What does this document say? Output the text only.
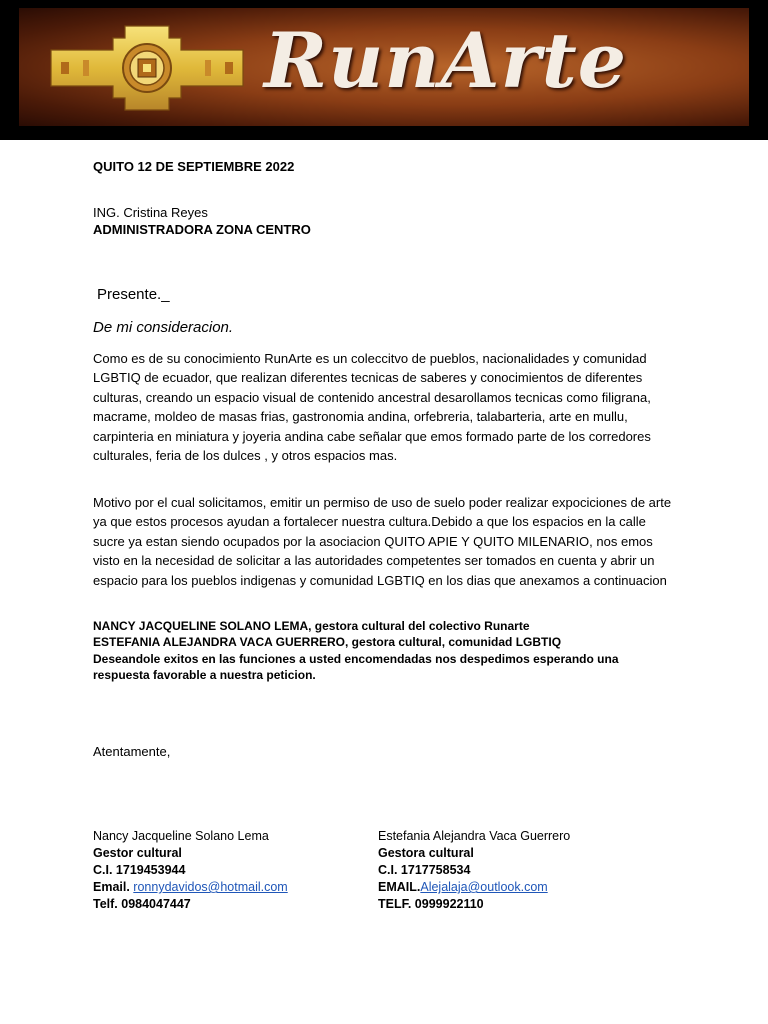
RunArte
QUITO 12 DE SEPTIEMBRE 2022
ING. Cristina Reyes
ADMINISTRADORA ZONA CENTRO
Presente._
De mi consideracion.
Como es de su conocimiento RunArte es un coleccitvo de pueblos, nacionalidades y comunidad LGBTIQ de ecuador, que realizan diferentes tecnicas de saberes y conocimientos de diferentes culturas, creando un espacio visual de contenido ancestral desarollamos tecnicas como filigrana, macrame, moldeo de masas frias, gastronomia andina, orfebreria, talabarteria, arte en mullu, carpinteria en miniatura y joyeria andina cabe señalar que emos formado parte de los corredores culturales, feria de los dulces , y otros espacios mas.
Motivo por el cual solicitamos, emitir un permiso de uso de suelo poder realizar expociciones de arte ya que estos procesos ayudan a fortalecer nuestra cultura.Debido a que los espacios en la calle sucre ya estan siendo ocupados por la asociacion QUITO APIE Y QUITO MILENARIO, nos emos visto en la necesidad de solicitar a las autoridades competentes ser tomados en cuenta y abrir un espacio para los pueblos indigenas y comunidad LGBTIQ en los dias que anexamos a continuacion
NANCY JACQUELINE SOLANO LEMA, gestora cultural del colectivo Runarte
ESTEFANIA ALEJANDRA VACA GUERRERO, gestora cultural, comunidad LGBTIQ
Deseandole exitos en las funciones a usted encomendadas nos despedimos esperando una
respuesta favorable a nuestra peticion.
Atentamente,
Nancy Jacqueline Solano Lema
Gestor cultural
C.I. 1719453944
Email. ronnydavidos@hotmail.com
Telf. 0984047447
Estefania Alejandra Vaca Guerrero
Gestora cultural
C.I. 1717758534
EMAIL.Alejalaja@outlook.com
TELF. 0999922110
